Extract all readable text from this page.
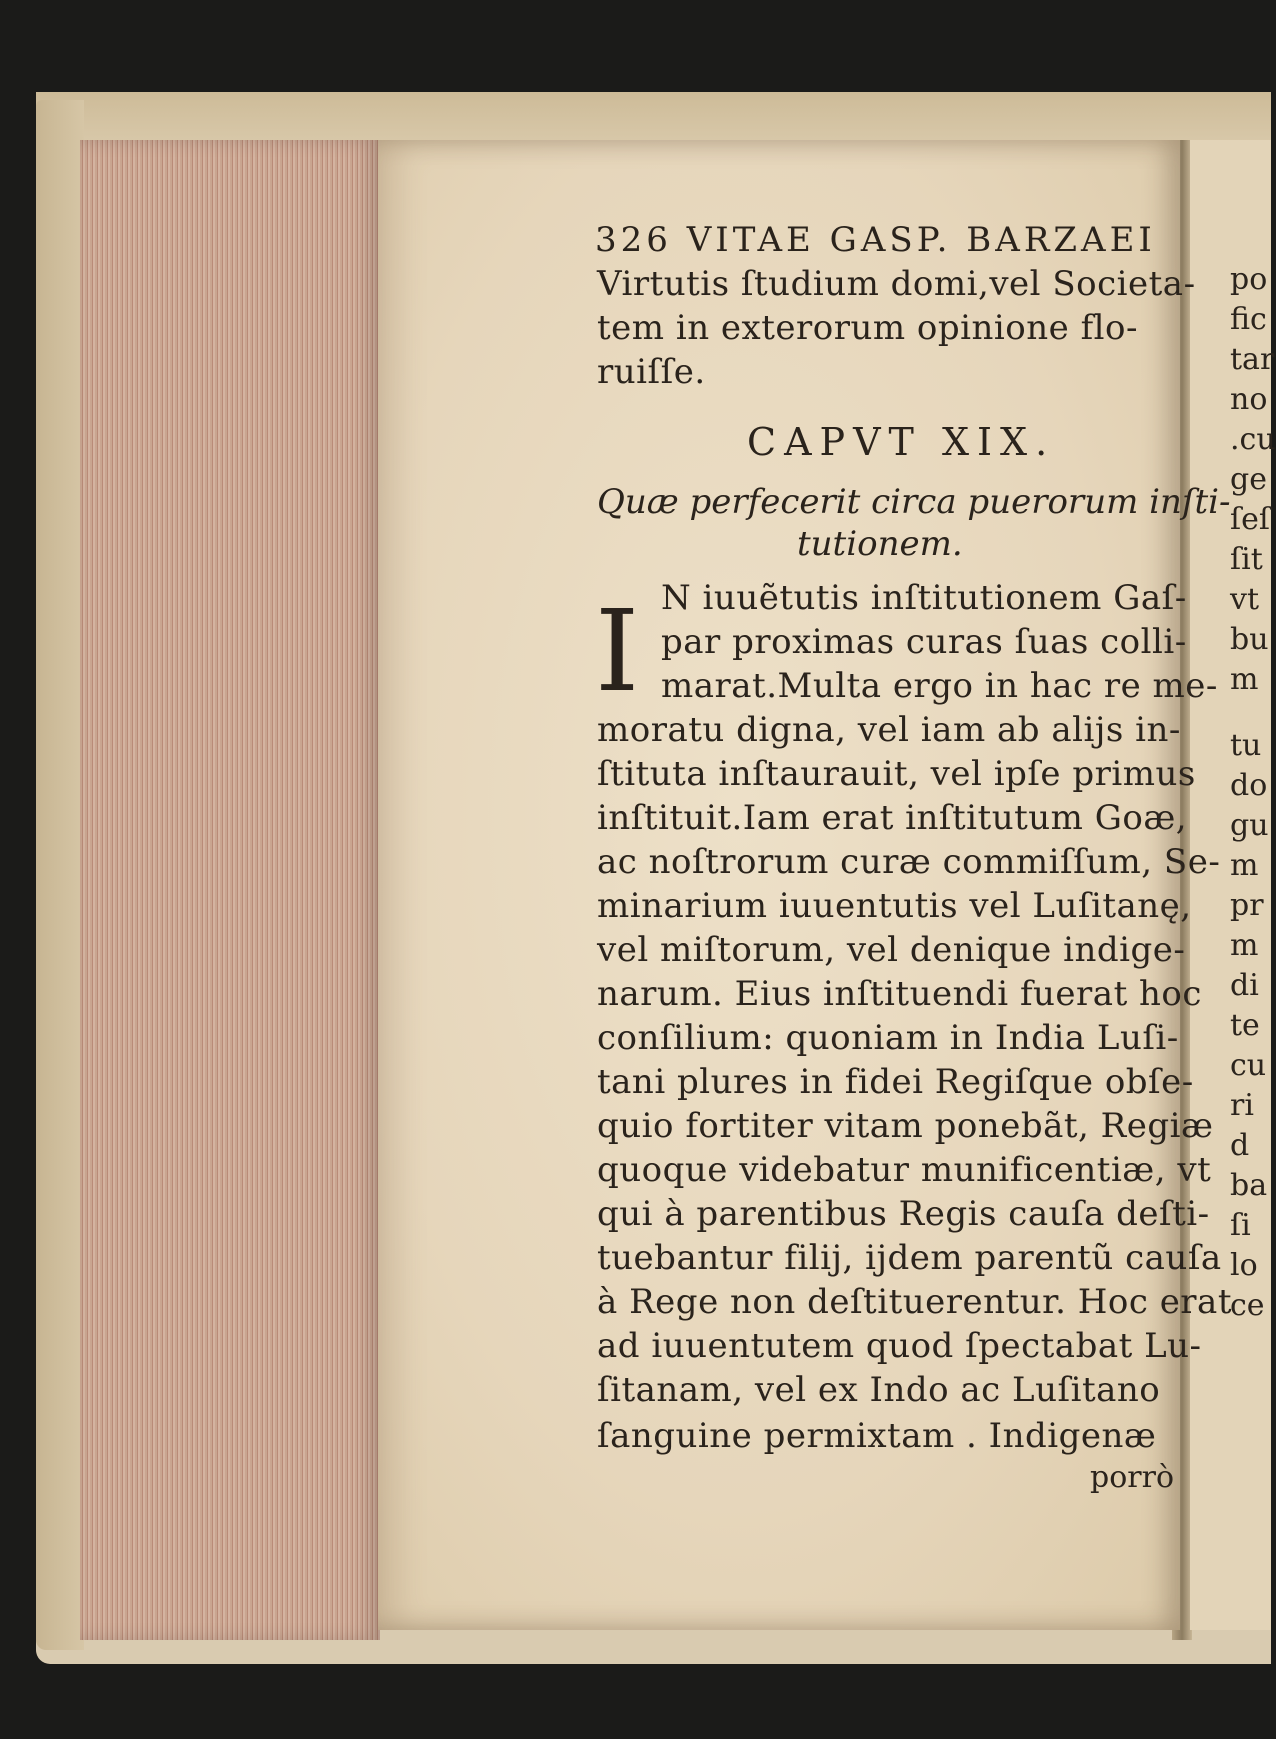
po
fic
tar
no
.cu
ge
ſeſ
ſit
vt
bu
m
tu
do
gu
m
pr
m
di
te
cu
ri
d
ba
ſi
lo
ce
326 VITAE GASP. BARZAEI
Virtutis ſtudium domi,vel Societa-
tem in exterorum opinione flo-
ruiſſe.
CAPVT XIX.
Quæ perfecerit circa puerorum inſti-
tutionem.
I N iuuẽtutis inſtitutionem Gaſ-
par proximas curas ſuas colli-
marat.Multa ergo in hac re me-
moratu digna, vel iam ab alijs in-
ſtituta inſtaurauit, vel ipſe primus
inſtituit.Iam erat inſtitutum Goæ,
ac noſtrorum curæ commiſſum, Se-
minarium iuuentutis vel Luſitanę,
vel miſtorum, vel denique indige-
narum. Eius inſtituendi fuerat hoc
conſilium: quoniam in India Luſi-
tani plures in fidei Regiſque obſe-
quio fortiter vitam ponebãt, Regiæ
quoque videbatur munificentiæ, vt
qui à parentibus Regis cauſa deſti-
tuebantur filij, ijdem parentũ cauſa
à Rege non deſtituerentur. Hoc erat
ad iuuentutem quod ſpectabat Lu-
ſitanam, vel ex Indo ac Luſitano
ſanguine permixtam . Indigenæ
porrò
